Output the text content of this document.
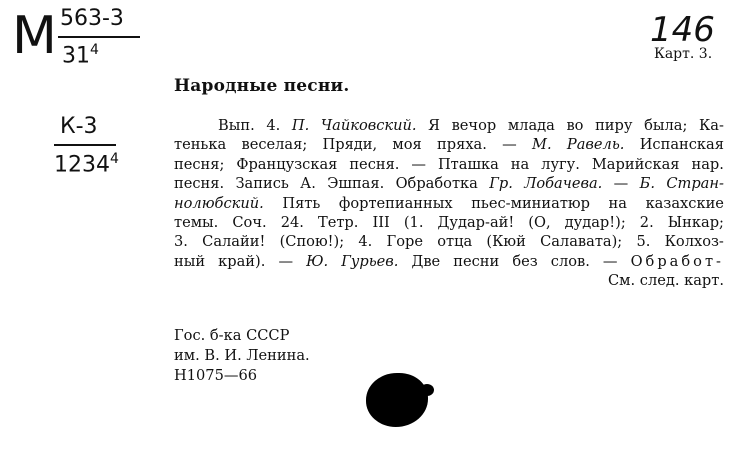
М 563-3
$31^4$
К-3
1234$^4$
146
Карт. 3.
Народные песни.
Вып. 4. П. Чайковский. Я вечор млада во пиру была; Ка-
тенька веселая; Пряди, моя пряха. — М. Равель. Испанская
песня; Французская песня. — Пташка на лугу. Марийская нар.
песня. Запись А. Эшпая. Обработка Гр. Лобачева. — Б. Стран-
нолюбский. Пять фортепианных пьес-миниатюр на казахские
темы. Соч. 24. Тетр. III (1. Дудар-ай! (О, дудар!); 2. Ынкар;
3. Салайи! (Спою!); 4. Горе отца (Кюй Салавата); 5. Колхоз-
ный край). — Ю. Гурьев. Две песни без слов. — Обработ-
См. след. карт.
Гос. б-ка СССР
им. В. И. Ленина.
Н1075—66
